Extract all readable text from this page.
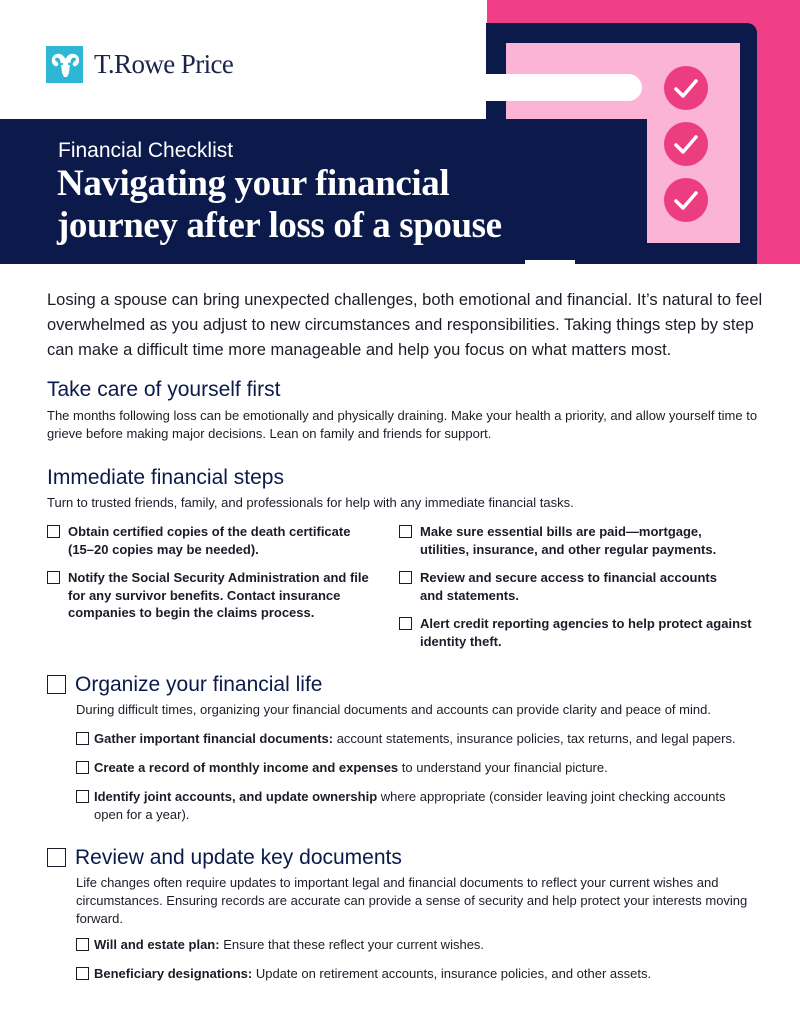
T.Rowe Price
Financial Checklist
Navigating your financial
journey after loss of a spouse

Losing a spouse can bring unexpected challenges, both emotional and financial. It’s natural to feel overwhelmed as you adjust to new circumstances and responsibilities. Taking things step by step can make a difficult time more manageable and help you focus on what matters most.

Take care of yourself first

The months following loss can be emotionally and physically draining. Make your health a priority, and allow yourself time to grieve before making major decisions. Lean on family and friends for support.

Immediate financial steps

Turn to trusted friends, family, and professionals for help with any immediate financial tasks.

Obtain certified copies of the death certificate (15–20 copies may be needed).
Notify the Social Security Administration and file for any survivor benefits. Contact insurance companies to begin the claims process.
Make sure essential bills are paid—mortgage, utilities, insurance, and other regular payments.
Review and secure access to financial accounts and statements.
Alert credit reporting agencies to help protect against identity theft.
Organize your financial life

During difficult times, organizing your financial documents and accounts can provide clarity and peace of mind.

Gather important financial documents: account statements, insurance policies, tax returns, and legal papers.
Create a record of monthly income and expenses to understand your financial picture.
Identify joint accounts, and update ownership where appropriate (consider leaving joint checking accounts open for a year).
Review and update key documents

Life changes often require updates to important legal and financial documents to reflect your current wishes and circumstances. Ensuring records are accurate can provide a sense of security and help protect your interests moving forward.

Will and estate plan: Ensure that these reflect your current wishes.
Beneficiary designations: Update on retirement accounts, insurance policies, and other assets.
